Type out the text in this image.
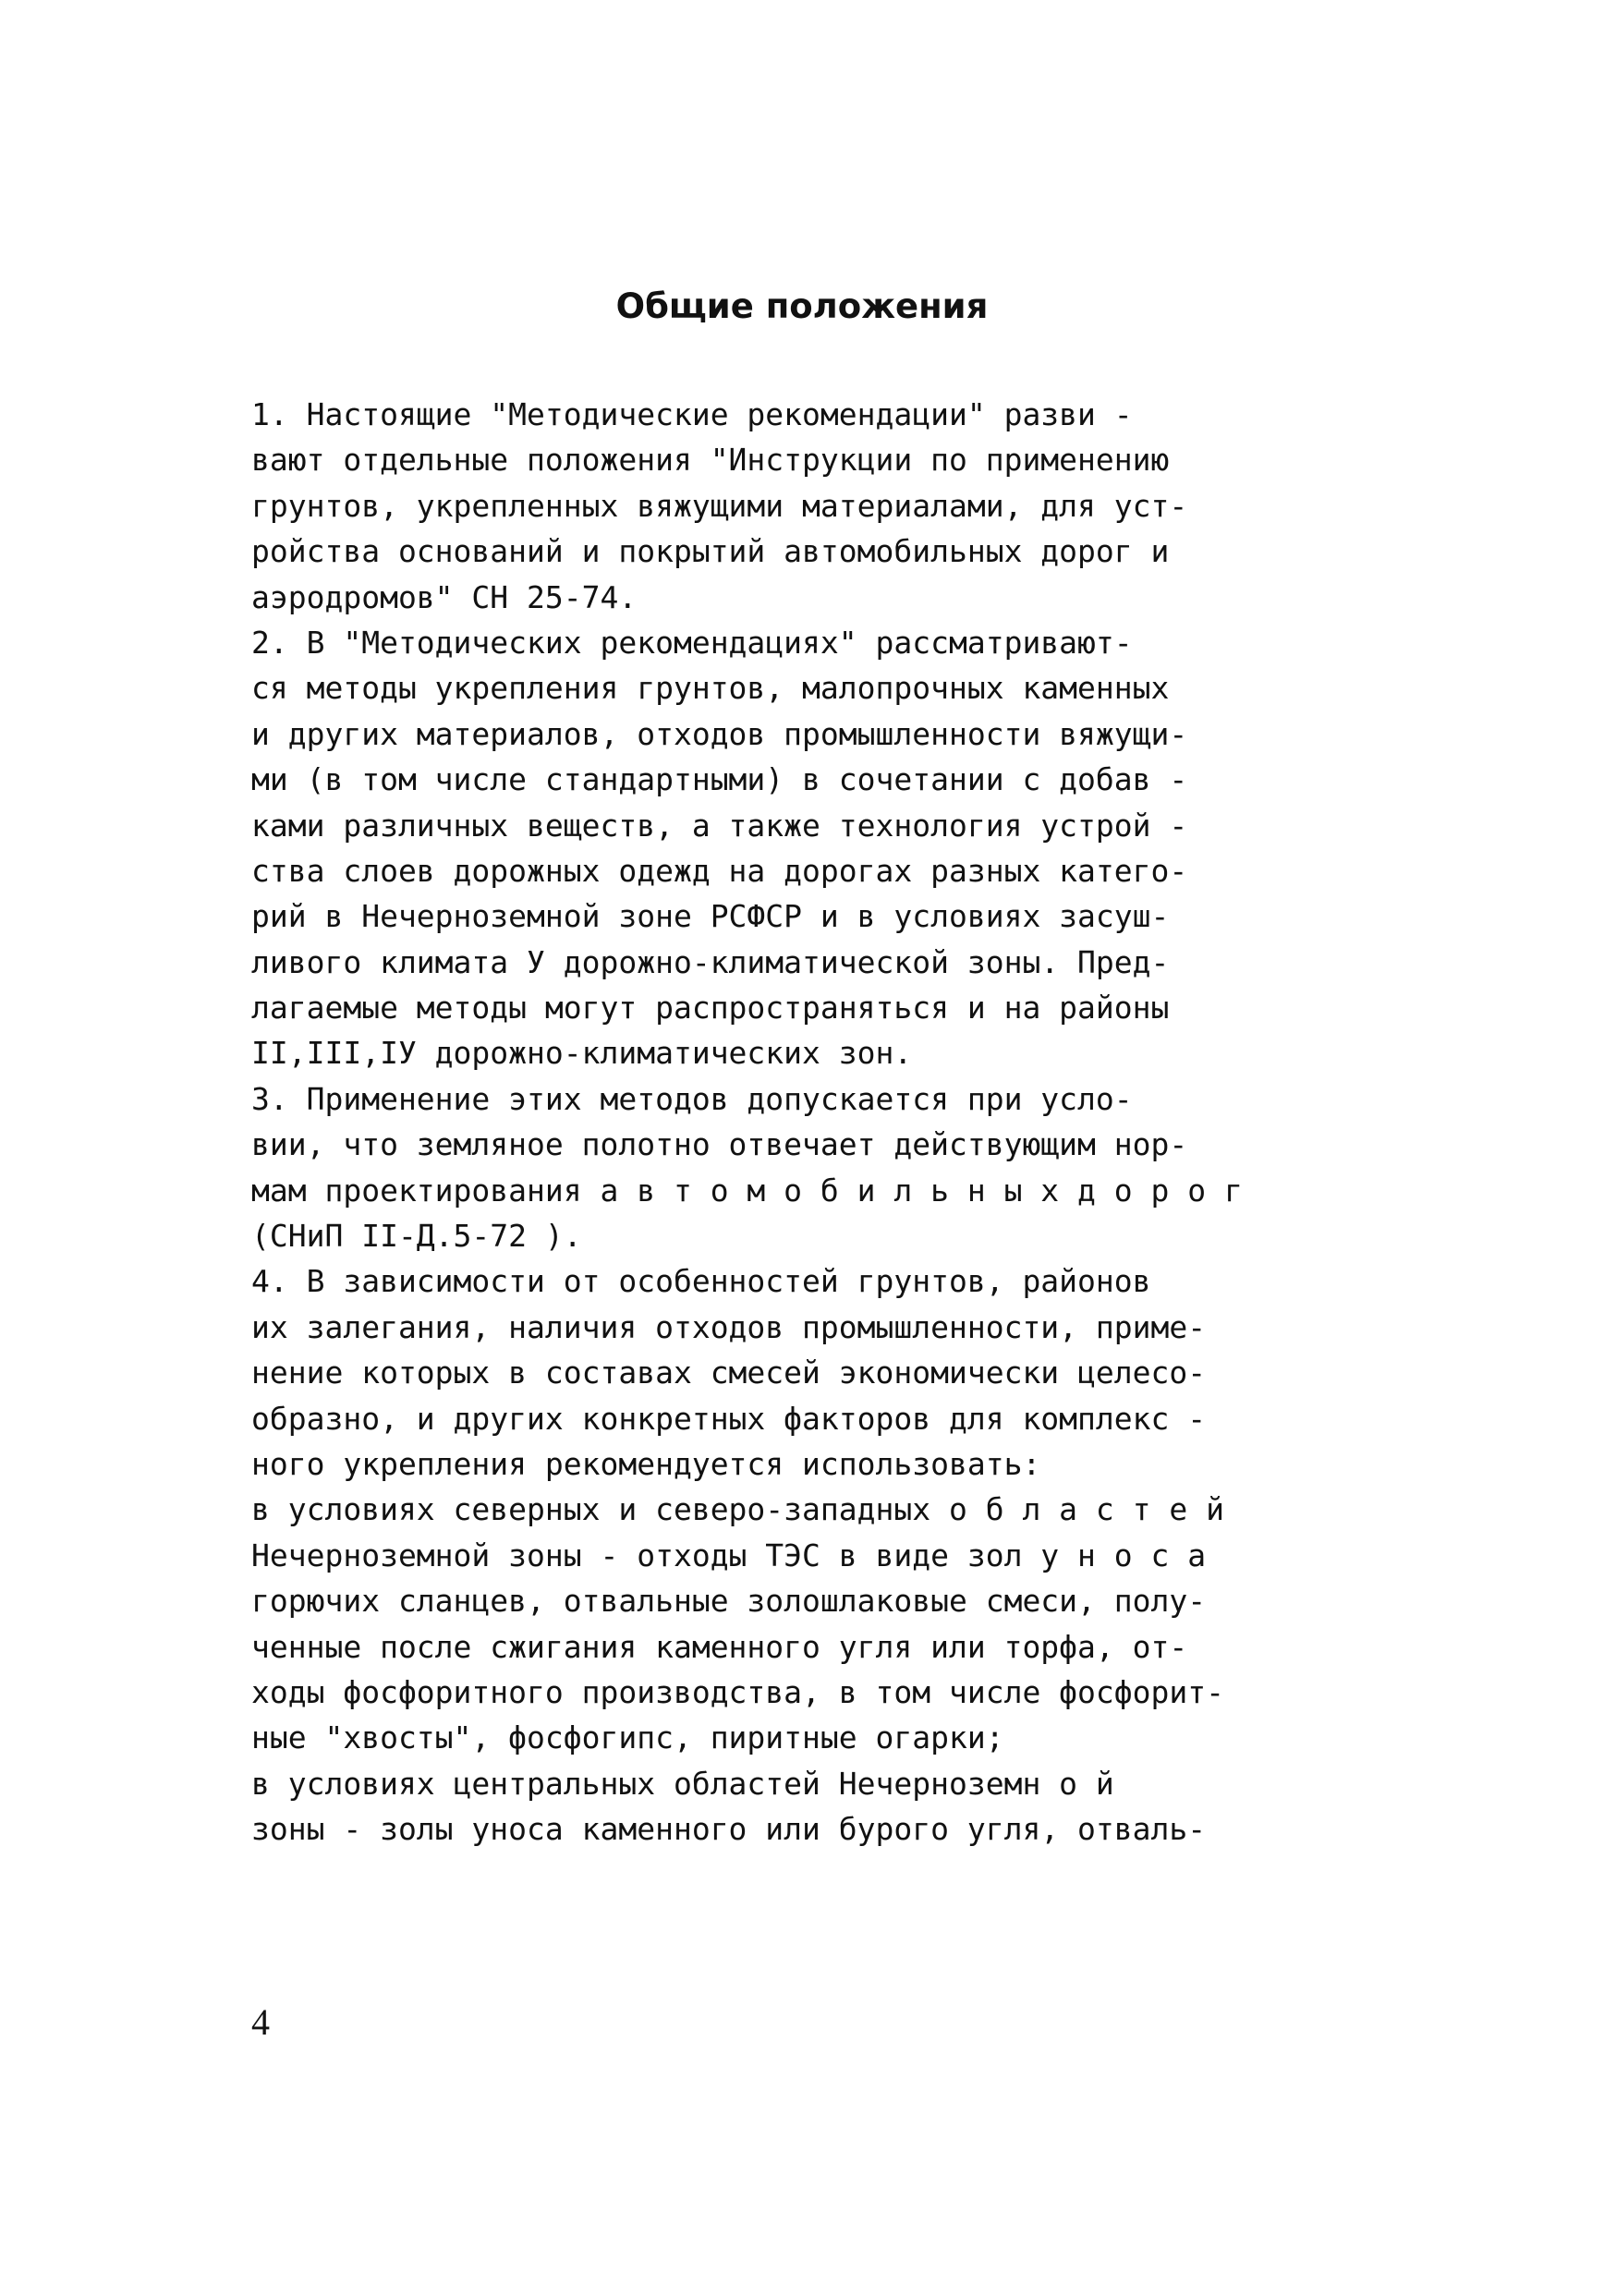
Общие положения
1. Настоящие "Методические рекомендации" разви -
вают отдельные положения "Инструкции по применению
грунтов, укрепленных вяжущими материалами, для уст-
ройства оснований и покрытий автомобильных дорог и
аэродромов" СН 25-74.
2. В "Методических рекомендациях" рассматривают-
ся методы укрепления грунтов, малопрочных каменных
и других материалов, отходов промышленности вяжущи-
ми (в том числе стандартными) в сочетании с добав -
ками различных веществ, а также технология устрой -
ства слоев дорожных одежд на дорогах разных катего-
рий в Нечерноземной зоне РСФСР и в условиях засуш-
ливого климата У дорожно-климатической зоны. Пред-
лагаемые методы могут распространяться и на районы
II,III,IУ дорожно-климатических зон.
3. Применение этих методов допускается при усло-
вии, что земляное полотно отвечает действующим нор-
мам проектирования а в т о м о б и л ь н ы х д о р о г
(СНиП II-Д.5-72 ).
4. В зависимости от особенностей грунтов, районов
их залегания, наличия отходов промышленности, приме-
нение которых в составах смесей экономически целесо-
образно, и других конкретных факторов для комплекс -
ного укрепления рекомендуется использовать:
в условиях северных и северо-западных о б л а с т е й
Нечерноземной зоны - отходы ТЭС в виде зол у н о с а
горючих сланцев, отвальные золошлаковые смеси, полу-
ченные после сжигания каменного угля или торфа, от-
ходы фосфоритного производства, в том числе фосфорит-
ные "хвосты", фосфогипс, пиритные огарки;
в условиях центральных областей Нечерноземн о й
зоны - золы уноса каменного или бурого угля, отваль-
4
